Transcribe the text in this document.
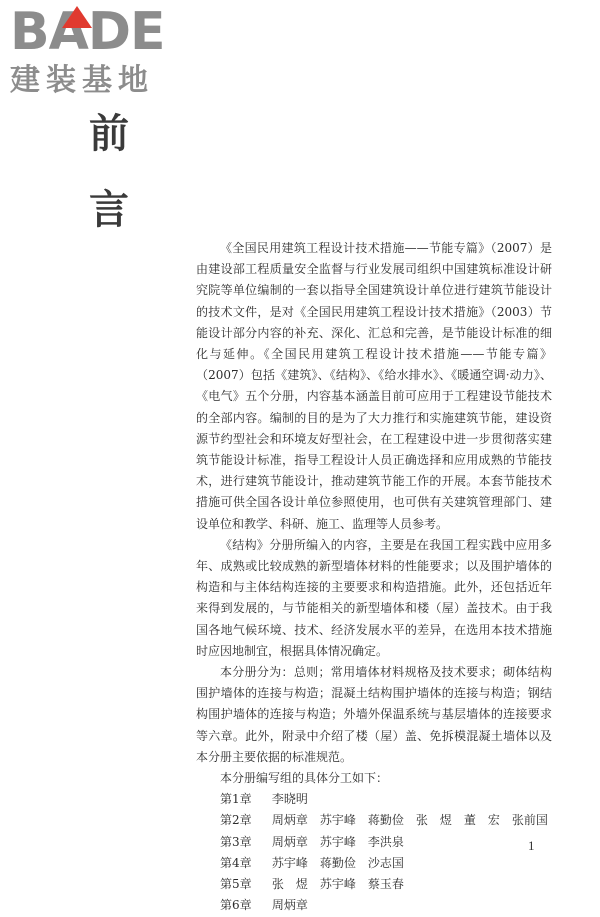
BADE
建装基地
前
言

《全国民用建筑工程设计技术措施——节能专篇》（2007）是由建设部工程质量安全监督与行业发展司组织中国建筑标准设计研究院等单位编制的一套以指导全国建筑设计单位进行建筑节能设计的技术文件，是对《全国民用建筑工程设计技术措施》（2003）节能设计部分内容的补充、深化、汇总和完善，是节能设计标准的细化与延伸。《全国民用建筑工程设计技术措施——节能专篇》（2007）包括《建筑》、《结构》、《给水排水》、《暖通空调·动力》、《电气》五个分册，内容基本涵盖目前可应用于工程建设节能技术的全部内容。编制的目的是为了大力推行和实施建筑节能，建设资源节约型社会和环境友好型社会，在工程建设中进一步贯彻落实建筑节能设计标准，指导工程设计人员正确选择和应用成熟的节能技术，进行建筑节能设计，推动建筑节能工作的开展。本套节能技术措施可供全国各设计单位参照使用，也可供有关建筑管理部门、建设单位和教学、科研、施工、监理等人员参考。

《结构》分册所编入的内容，主要是在我国工程实践中应用多年、成熟或比较成熟的新型墙体材料的性能要求；以及围护墙体的构造和与主体结构连接的主要要求和构造措施。此外，还包括近年来得到发展的，与节能相关的新型墙体和楼（屋）盖技术。由于我国各地气候环境、技术、经济发展水平的差异，在选用本技术措施时应因地制宜，根据具体情况确定。

本分册分为：总则；常用墙体材料规格及技术要求；砌体结构围护墙体的连接与构造；混凝土结构围护墙体的连接与构造；钢结构围护墙体的连接与构造；外墙外保温系统与基层墙体的连接要求等六章。此外，附录中介绍了楼（屋）盖、免拆模混凝土墙体以及本分册主要依据的标准规范。

本分册编写组的具体分工如下：

第1章 李晓明
第2章 周炳章　苏宇峰　蒋勤俭　张　煜　董　宏　张前国
第3章 周炳章　苏宇峰　李洪泉
第4章 苏宇峰　蒋勤俭　沙志国
第5章 张　煜　苏宇峰　蔡玉春
第6章 周炳章
1
